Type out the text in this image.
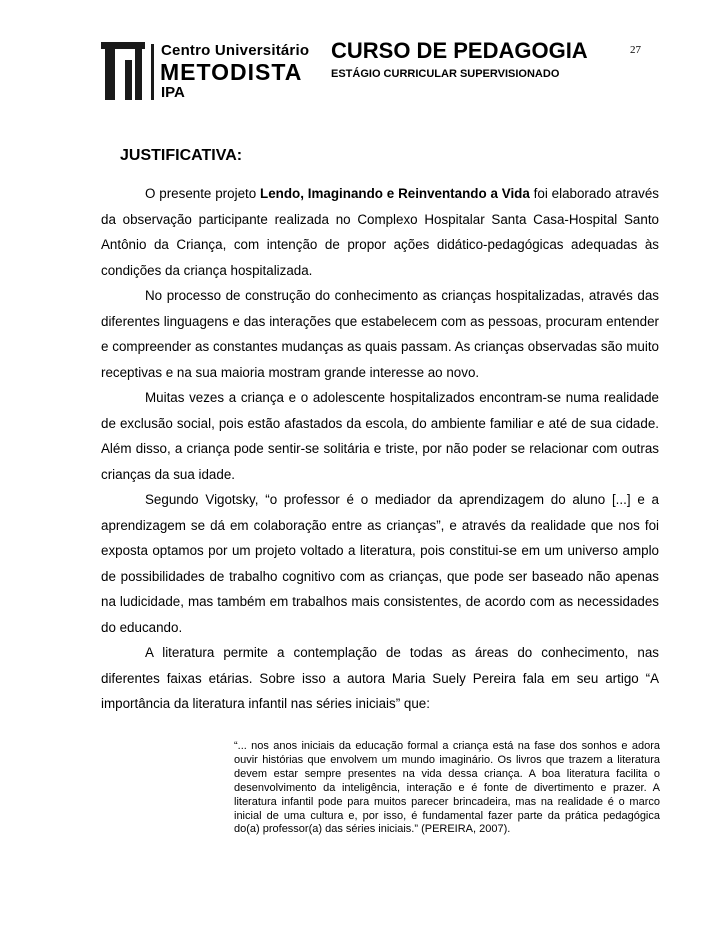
Centro Universitário
METODISTA
IPA
CURSO DE PEDAGOGIA
ESTÁGIO CURRICULAR SUPERVISIONADO
27
JUSTIFICATIVA:

O presente projeto Lendo, Imaginando e Reinventando a Vida foi elaborado através da observação participante realizada no Complexo Hospitalar Santa Casa-Hospital Santo Antônio da Criança, com intenção de propor ações didático-pedagógicas adequadas às condições da criança hospitalizada.

No processo de construção do conhecimento as crianças hospitalizadas, através das diferentes linguagens e das interações que estabelecem com as pessoas, procuram entender e compreender as constantes mudanças as quais passam. As crianças observadas são muito receptivas e na sua maioria mostram grande interesse ao novo.

Muitas vezes a criança e o adolescente hospitalizados encontram-se numa realidade de exclusão social, pois estão afastados da escola, do ambiente familiar e até de sua cidade. Além disso, a criança pode sentir-se solitária e triste, por não poder se relacionar com outras crianças da sua idade.

Segundo Vigotsky, “o professor é o mediador da aprendizagem do aluno [...] e a aprendizagem se dá em colaboração entre as crianças”, e através da realidade que nos foi exposta optamos por um projeto voltado a literatura, pois constitui-se em um universo amplo de possibilidades de trabalho cognitivo com as crianças, que pode ser baseado não apenas na ludicidade, mas também em trabalhos mais consistentes, de acordo com as necessidades do educando.

A literatura permite a contemplação de todas as áreas do conhecimento, nas diferentes faixas etárias. Sobre isso a autora Maria Suely Pereira fala em seu artigo “A importância da literatura infantil nas séries iniciais” que:

“... nos anos iniciais da educação formal a criança está na fase dos sonhos e adora ouvir histórias que envolvem um mundo imaginário. Os livros que trazem a literatura devem estar sempre presentes na vida dessa criança. A boa literatura facilita o desenvolvimento da inteligência, interação e é fonte de divertimento e prazer. A literatura infantil pode para muitos parecer brincadeira, mas na realidade é o marco inicial de uma cultura e, por isso, é fundamental fazer parte da prática pedagógica do(a) professor(a) das séries iniciais.” (PEREIRA, 2007).
